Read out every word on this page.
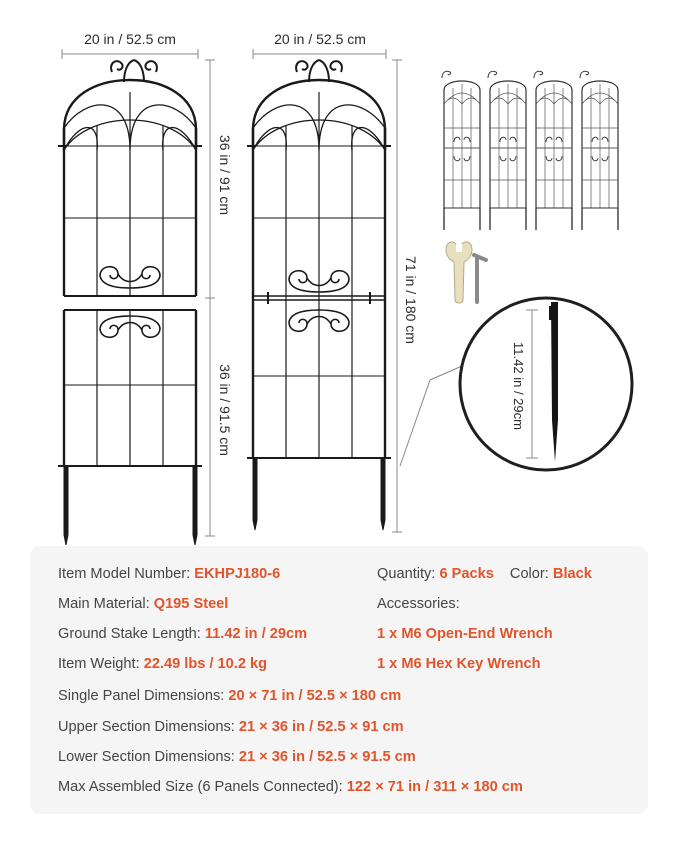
20 in / 52.5 cm	20 in / 52.5 cm
36 in / 91 cm
36 in / 91.5 cm
71 in / 180 cm
11.42 in / 29cm
Item Model Number: EKHPJ180-6
Main Material: Q195 Steel
Ground Stake Length: 11.42 in / 29cm
Item Weight: 22.49 lbs / 10.2 kg
Single Panel Dimensions: 20 × 71 in / 52.5 × 180 cm
Upper Section Dimensions: 21 × 36 in / 52.5 × 91 cm
Lower Section Dimensions: 21 × 36 in / 52.5 × 91.5 cm
Max Assembled Size (6 Panels Connected): 122 × 71 in / 311 × 180 cm
Quantity: 6 Packs Color: Black
Accessories:
1 x M6 Open-End Wrench
1 x M6 Hex Key Wrench
